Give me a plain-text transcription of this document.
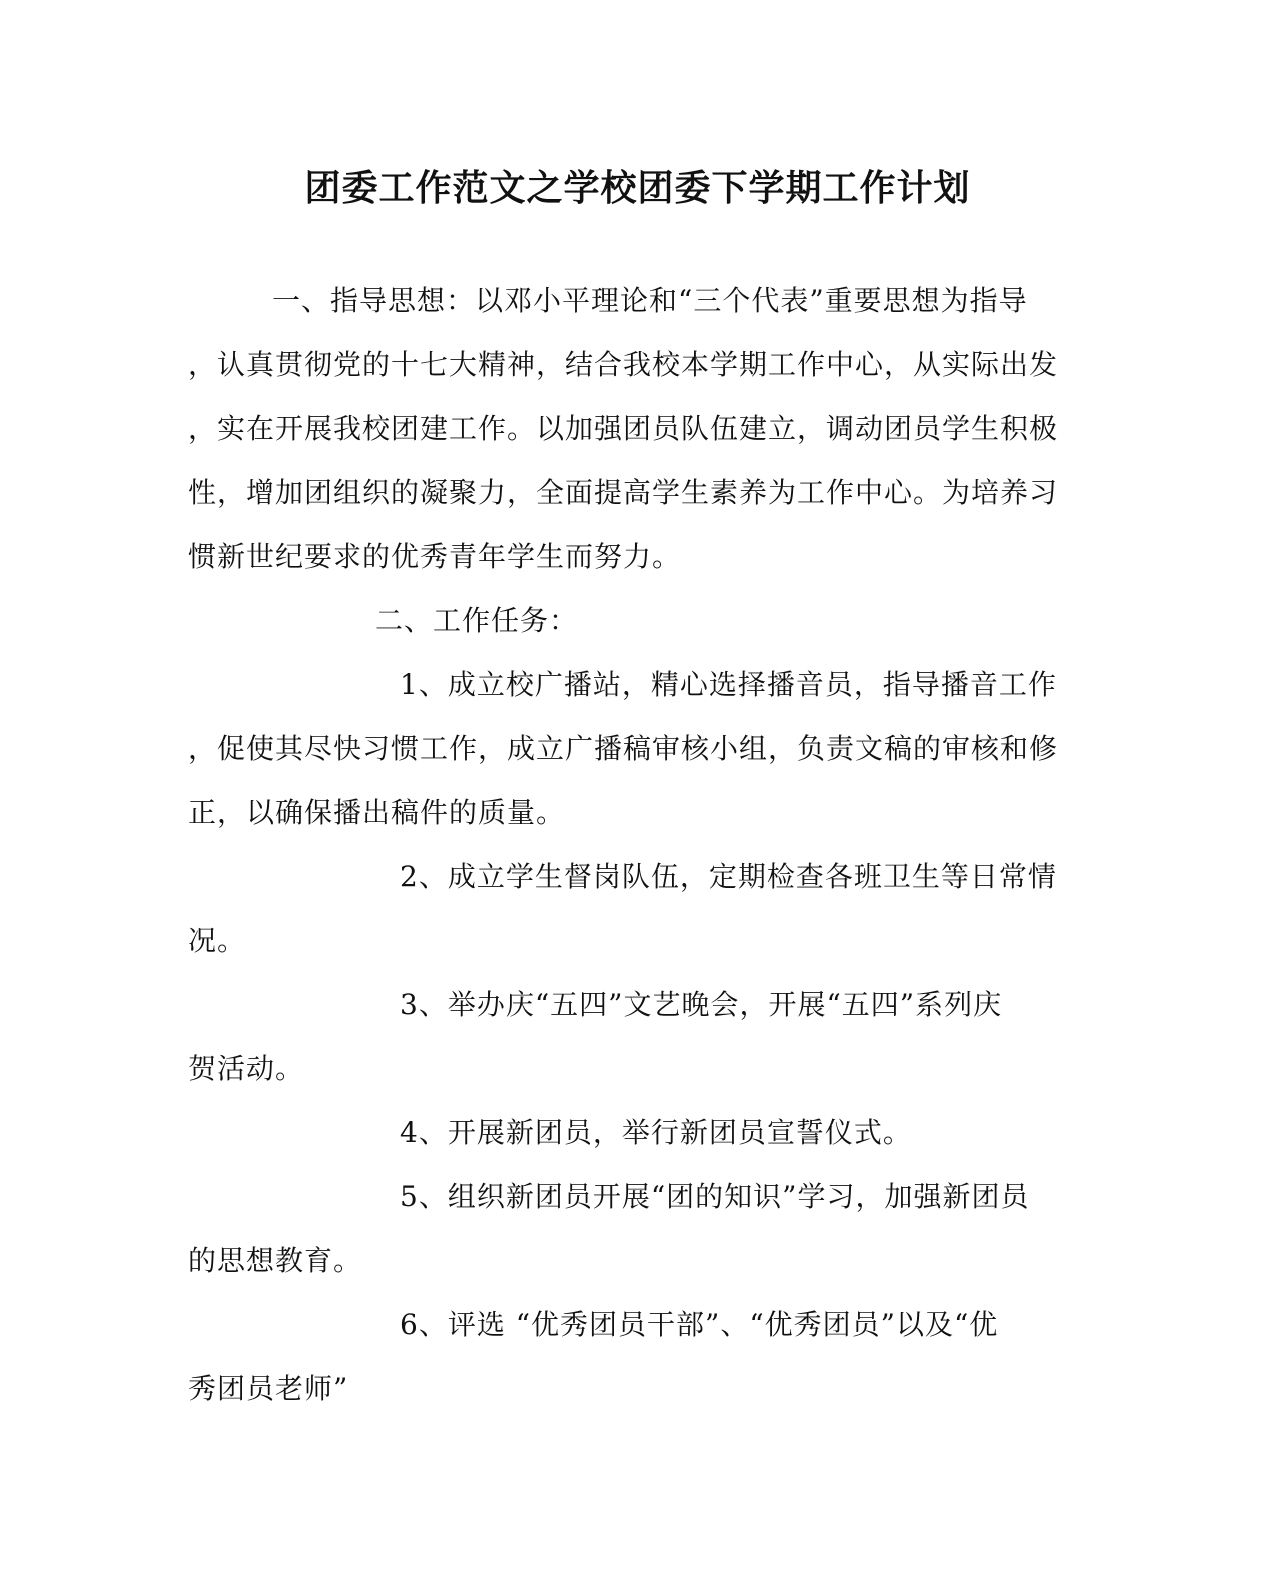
团委工作范文之学校团委下学期工作计划
一、指导思想：以邓小平理论和“三个代表”重要思想为指导
，认真贯彻党的十七大精神，结合我校本学期工作中心，从实际出发
，实在开展我校团建工作。以加强团员队伍建立，调动团员学生积极
性，增加团组织的凝聚力，全面提高学生素养为工作中心。为培养习
惯新世纪要求的优秀青年学生而努力。
二、工作任务：
1、成立校广播站，精心选择播音员，指导播音工作
，促使其尽快习惯工作，成立广播稿审核小组，负责文稿的审核和修
正，以确保播出稿件的质量。
2、成立学生督岗队伍，定期检查各班卫生等日常情
况。
3、举办庆“五四”文艺晚会，开展“五四”系列庆
贺活动。
4、开展新团员，举行新团员宣誓仪式。
5、组织新团员开展“团的知识”学习，加强新团员
的思想教育。
6、评选 “优秀团员干部”、“优秀团员”以及“优
秀团员老师”
